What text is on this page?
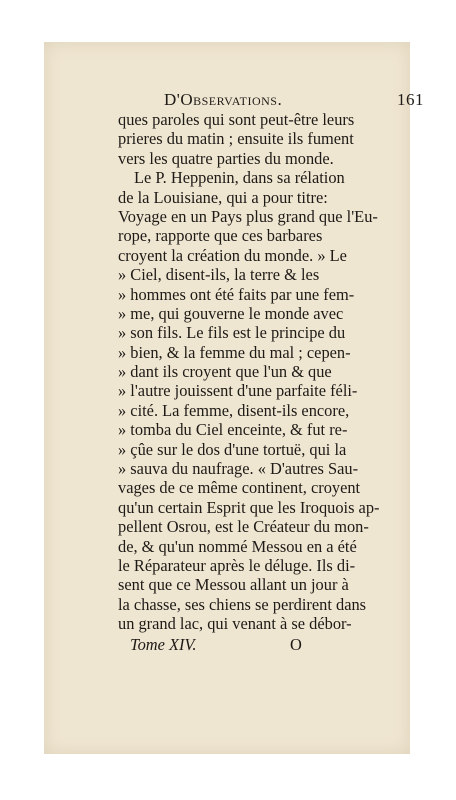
D'Observations.	161
ques paroles qui sont peut-être leurs
prieres du matin ; ensuite ils fument
vers les quatre parties du monde.
Le P. Heppenin, dans sa rélation
de la Louisiane, qui a pour titre:
Voyage en un Pays plus grand que l'Eu-
rope, rapporte que ces barbares
croyent la création du monde. » Le
» Ciel, disent-ils, la terre & les
» hommes ont été faits par une fem-
» me, qui gouverne le monde avec
» son fils. Le fils est le principe du
» bien, & la femme du mal ; cepen-
» dant ils croyent que l'un & que
» l'autre jouissent d'une parfaite féli-
» cité. La femme, disent-ils encore,
» tomba du Ciel enceinte, & fut re-
» çûe sur le dos d'une tortuë, qui la
» sauva du naufrage. « D'autres Sau-
vages de ce même continent, croyent
qu'un certain Esprit que les Iroquois ap-
pellent Osrou, est le Créateur du mon-
de, & qu'un nommé Messou en a été
le Réparateur après le déluge. Ils di-
sent que ce Messou allant un jour à
la chasse, ses chiens se perdirent dans
un grand lac, qui venant à se débor-
Tome XIV.	O
